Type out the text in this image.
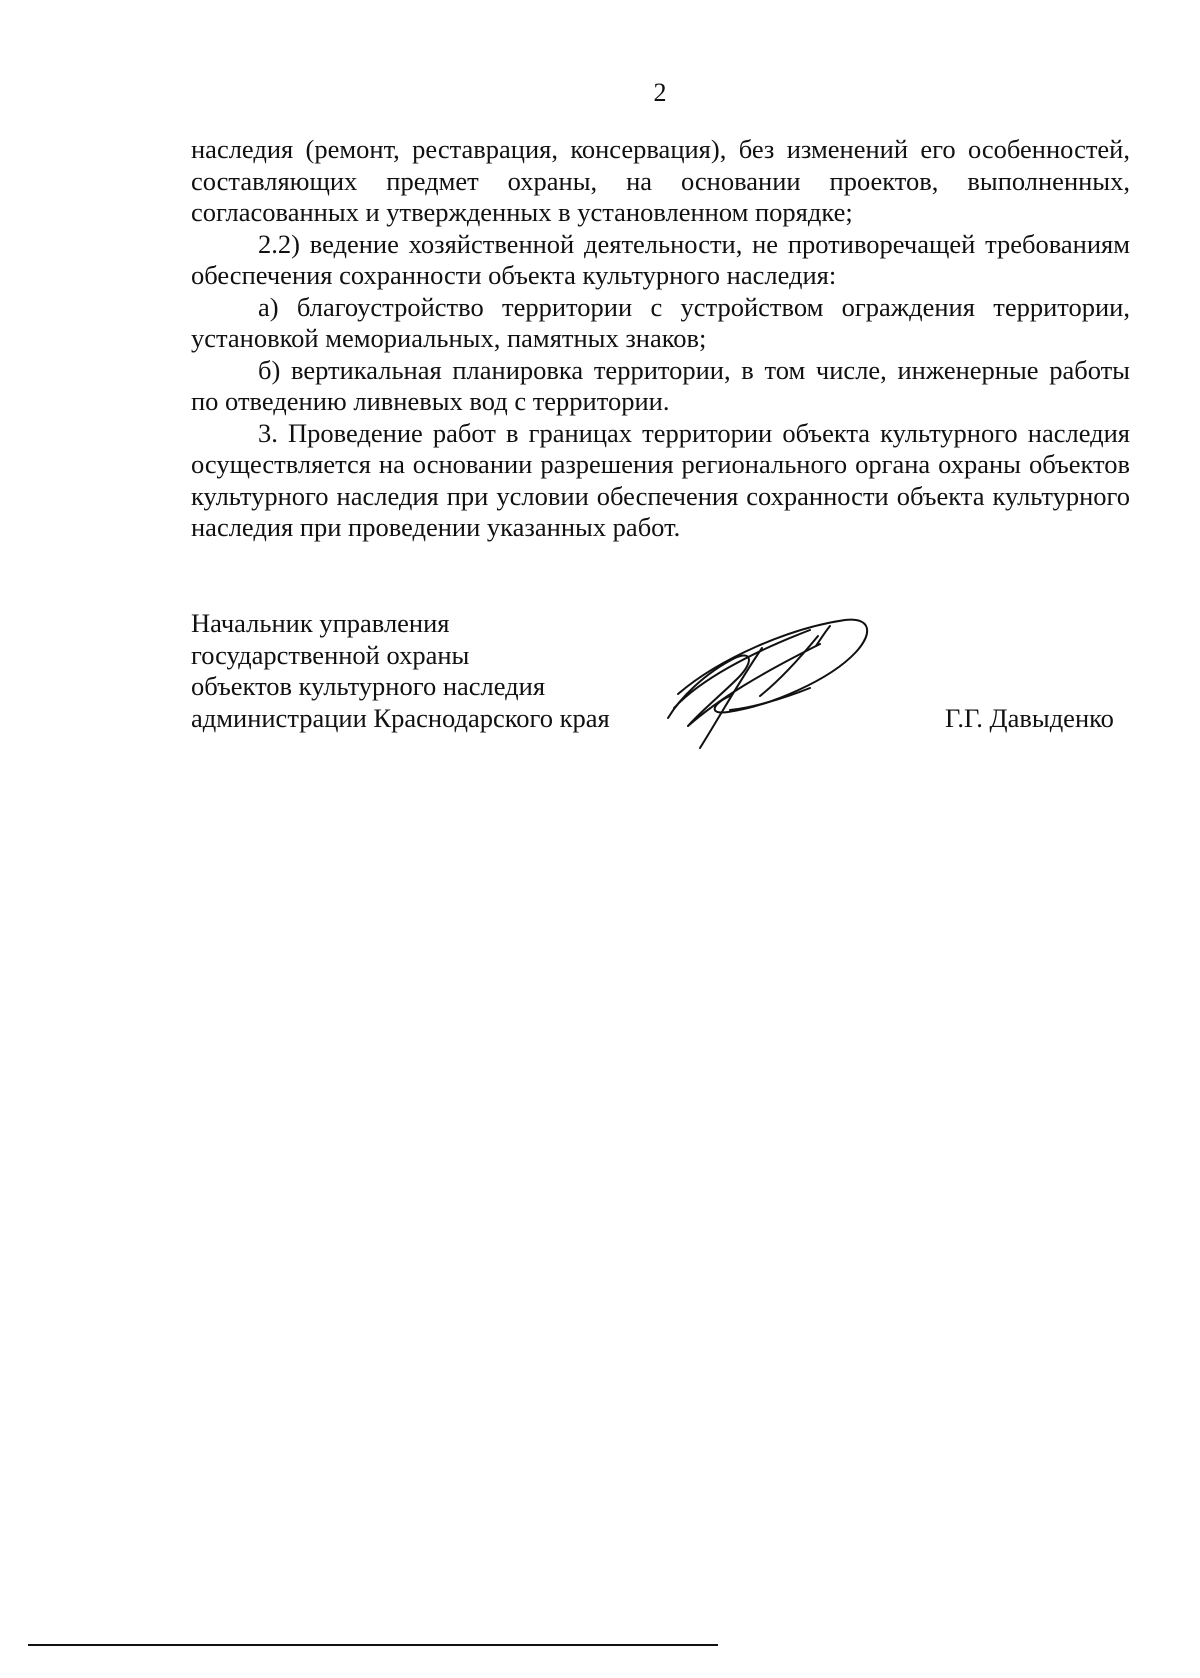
2

наследия (ремонт, реставрация, консервация), без изменений его особенностей, составляющих предмет охраны, на основании проектов, выполненных, согласованных и утвержденных в установленном порядке;

2.2) ведение хозяйственной деятельности, не противоречащей требованиям обеспечения сохранности объекта культурного наследия:

а) благоустройство территории с устройством ограждения территории, установкой мемориальных, памятных знаков;

б) вертикальная планировка территории, в том числе, инженерные работы по отведению ливневых вод с территории.

3. Проведение работ в границах территории объекта культурного наследия осуществляется на основании разрешения регионального органа охраны объектов культурного наследия при условии обеспечения сохранности объекта культурного наследия при проведении указанных работ.

Начальник управления
государственной охраны
объектов культурного наследия
администрации Краснодарского края	Г.Г. Давыденко
